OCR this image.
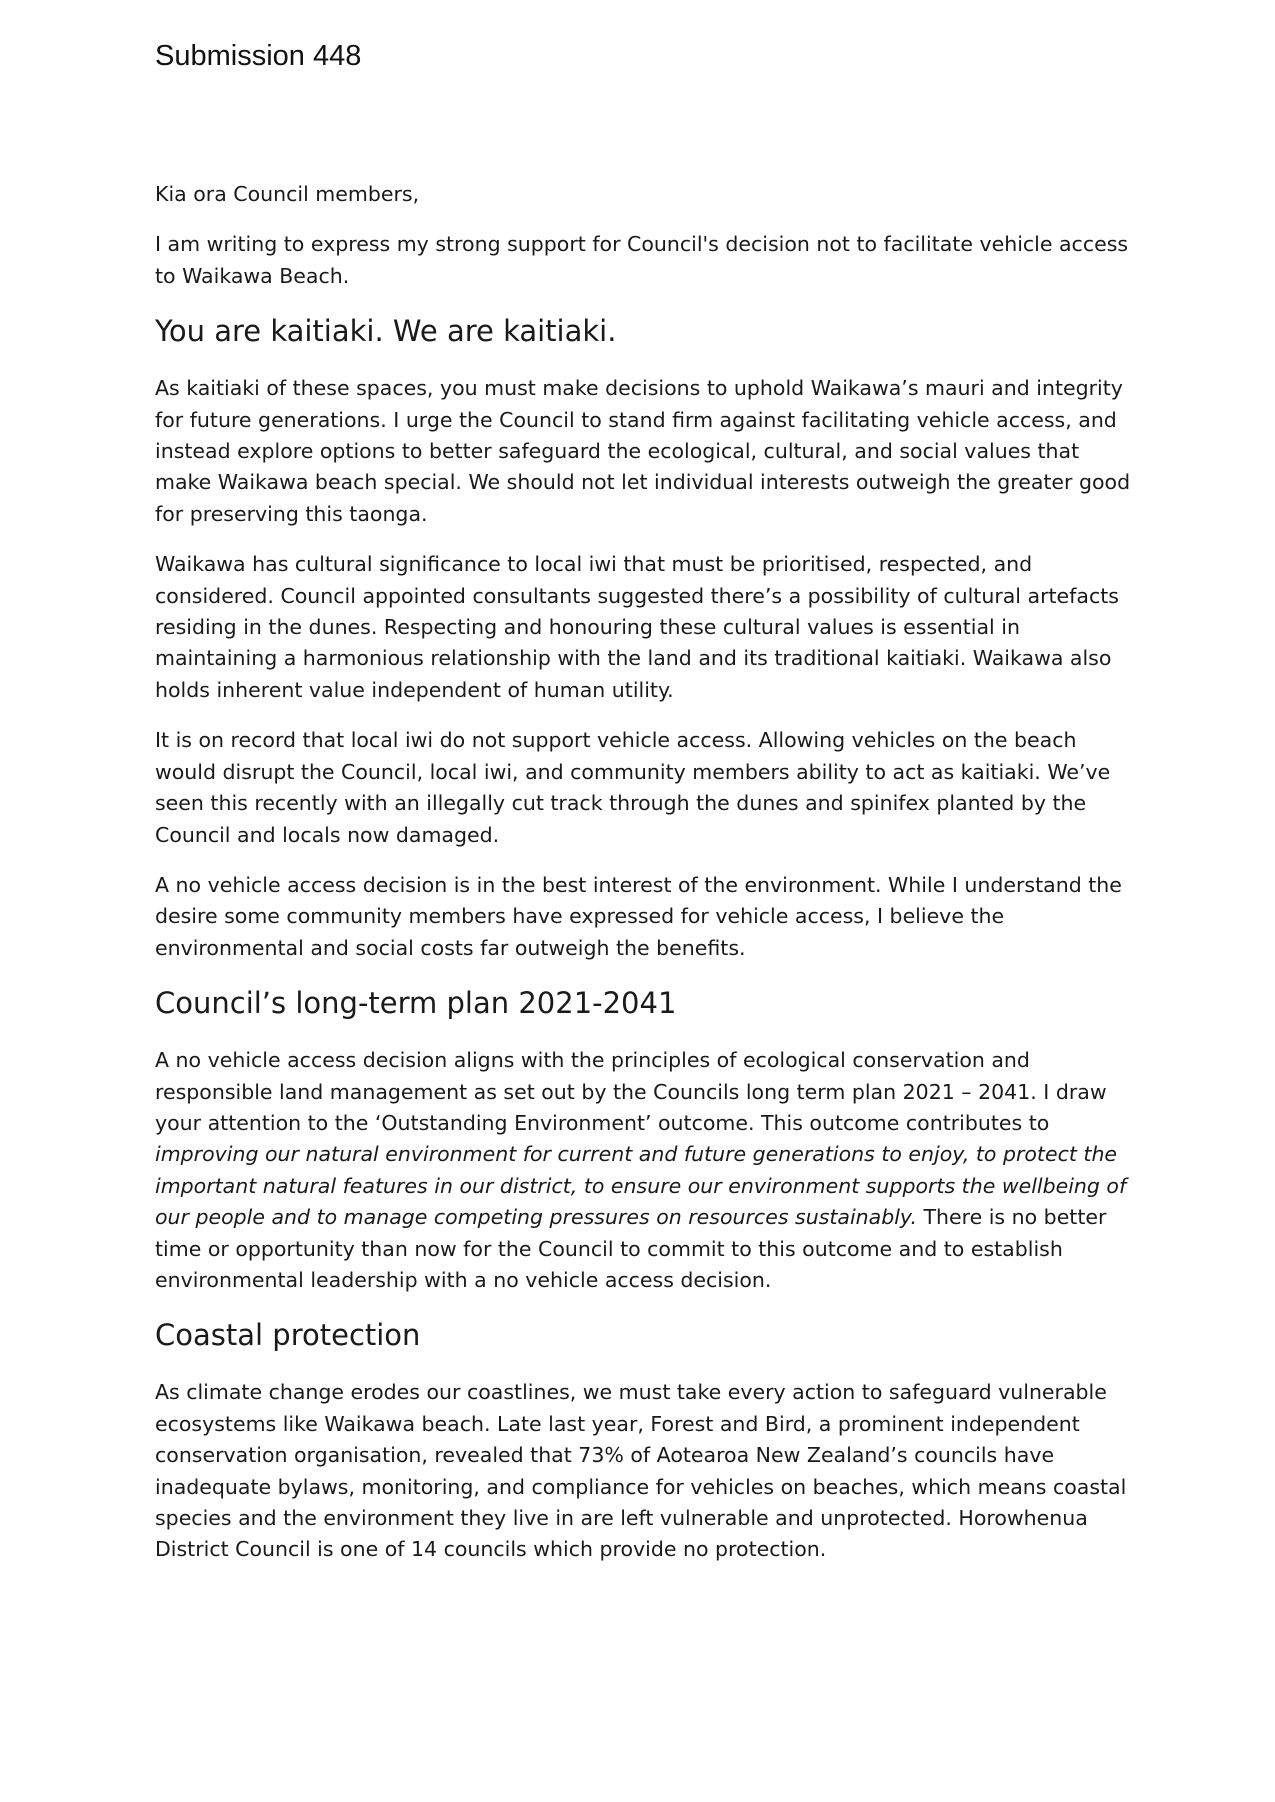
Submission 448

Kia ora Council members,

I am writing to express my strong support for Council's decision not to facilitate vehicle access to Waikawa Beach.

You are kaitiaki. We are kaitiaki.

As kaitiaki of these spaces, you must make decisions to uphold Waikawa’s mauri and integrity for future generations. I urge the Council to stand firm against facilitating vehicle access, and instead explore options to better safeguard the ecological, cultural, and social values that make Waikawa beach special. We should not let individual interests outweigh the greater good for preserving this taonga.

Waikawa has cultural significance to local iwi that must be prioritised, respected, and considered. Council appointed consultants suggested there’s a possibility of cultural artefacts residing in the dunes. Respecting and honouring these cultural values is essential in maintaining a harmonious relationship with the land and its traditional kaitiaki. Waikawa also holds inherent value independent of human utility.

It is on record that local iwi do not support vehicle access. Allowing vehicles on the beach would disrupt the Council, local iwi, and community members ability to act as kaitiaki. We’ve seen this recently with an illegally cut track through the dunes and spinifex planted by the Council and locals now damaged.

A no vehicle access decision is in the best interest of the environment. While I understand the desire some community members have expressed for vehicle access, I believe the environmental and social costs far outweigh the benefits.

Council’s long-term plan 2021-2041

A no vehicle access decision aligns with the principles of ecological conservation and responsible land management as set out by the Councils long term plan 2021 – 2041. I draw your attention to the ‘Outstanding Environment’ outcome. This outcome contributes to improving our natural environment for current and future generations to enjoy, to protect the important natural features in our district, to ensure our environment supports the wellbeing of our people and to manage competing pressures on resources sustainably. There is no better time or opportunity than now for the Council to commit to this outcome and to establish environmental leadership with a no vehicle access decision.

Coastal protection

As climate change erodes our coastlines, we must take every action to safeguard vulnerable ecosystems like Waikawa beach. Late last year, Forest and Bird, a prominent independent conservation organisation, revealed that 73% of Aotearoa New Zealand’s councils have inadequate bylaws, monitoring, and compliance for vehicles on beaches, which means coastal species and the environment they live in are left vulnerable and unprotected. Horowhenua District Council is one of 14 councils which provide no protection.
